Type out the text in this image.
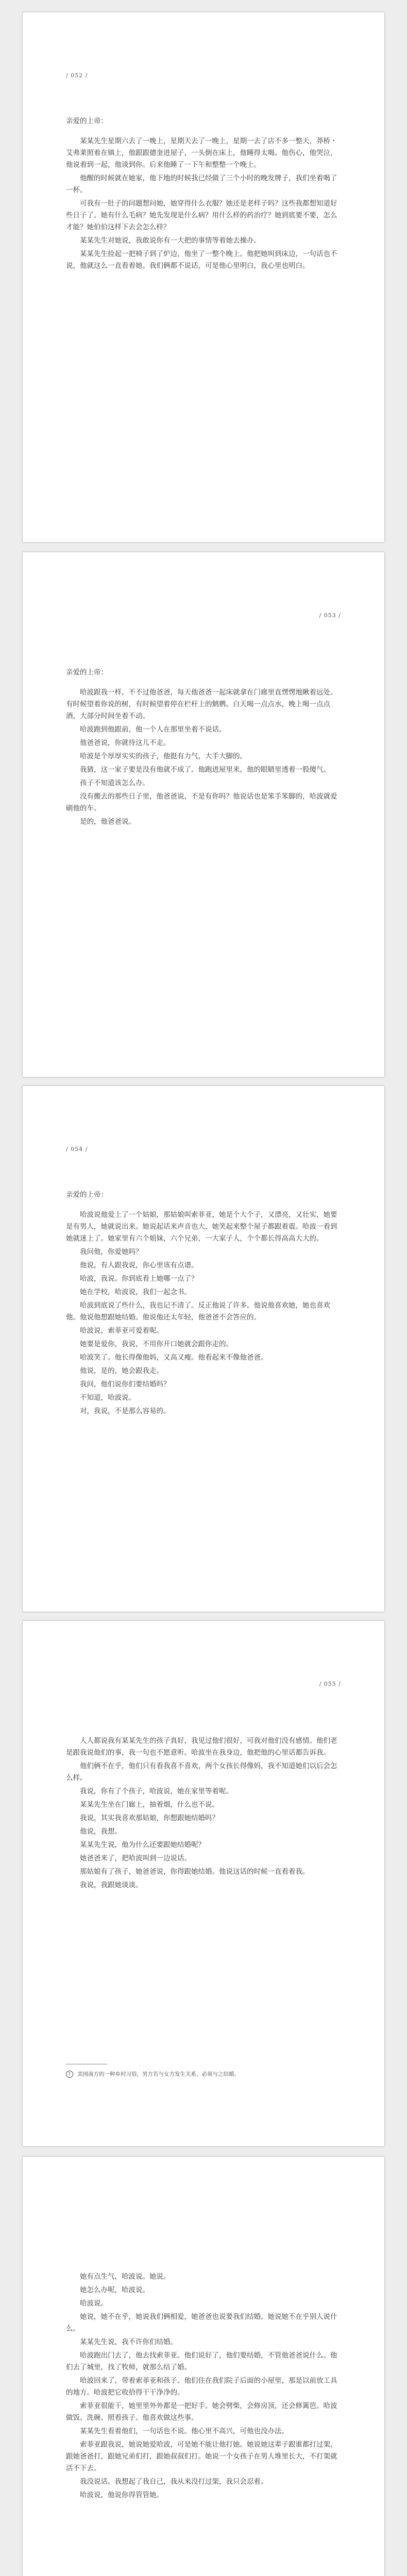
/ 052 /

亲爱的上帝：

某某先生星期六去了一晚上，星期天去了一晚上，星期一去了店不多一整天，莽桥・艾弗莱照着在镇上，他跟跟德奎进屋子，一头倒在床上，他睡得太喝。他伤心，他哭泣，他说着到一起，他谈到你。后来他睡了一下午和整整一个晚上。

他醒的时候就在她家，他下地的时候我已经做了三个小时的晚发牌子，我们坐着喝了一杯。

可我有一肚子的问题想问她，她穿得什么衣服？她还是老样子吗？这些我都想知道好些日子了。她有什么毛病？她先发现是什么病？用什么样的药治疗？她到底要不要，怎么才能？她伯伯这样下去会怎么样？

某某先生对她说，我敢说你有一大把的事情等着她去操办。

某某先生捡起一把椅子到了炉边，他坐了一整个晚上。他把她叫到床边，一句话也不说，他就这么一直看着她。我们俩都不说话，可是他心里明白，我心里也明白。

/ 053 /

亲爱的上帝：

哈波跟我一样，不不过他爸爸，每天他爸爸一起床就拿在门廊里直愣愣地瞅着远处。有时候望着你说的树，有时候望着停在栏杆上的鹪鹩。白天喝一点点水，晚上喝一点点酒，大部分时间坐着不动。

哈波跑到他跟前，他一个人在那里坐着不说话。

他爸爸说，你就待这儿不走。

哈波是个厚厚实实的孩子，他挺有力气，大手大脚的。

我猜，这一家子要是没有他就不成了。他跑进屋里来，他的眼睛里透着一股傻气。

孩子不知道该怎么办。

没有搬去的那些日子里，他爸爸说，不是有你吗？他说话也是笨手笨脚的，哈波就爱刷他的车。

是的，他爸爸说。

/ 054 /

亲爱的上帝：

哈波说他爱上了一个姑娘，那姑娘叫索菲亚，她是个大个子，又漂亮，又壮实，她要是有男人，她就说出来。她说起话来声音也大，她笑起来整个屋子都跟着震。哈波一看到她就迷上了。她家里有六个姐妹，六个兄弟，一大家子人，个个都长得高高大大的。

我问他，你爱她吗？

他说，有人跟我说，你心里该有点谱。

哈波，我说。你到底看上她哪一点了？

她在学校，哈波说，我们一起念书。

哈波到底说了些什么，我也记不清了。反正他说了许多。他说他喜欢她，她也喜欢他。他说他想跟她结婚。他说他还太年轻，他爸爸不会答应的。

哈波说，索菲亚可爱着呢。

她要是爱你，我说，不用你开口她就会跟你走的。

哈波笑了。他长得像他妈，又高又瘦。他看起来不像他爸爸。

他说，是的，她会跟我走。

我问，他们说你们要结婚吗？

不知道，哈波说。

对，我说，不是那么容易的。

/ 055 /

人人都说我有某某先生的孩子真好，我见过他们很好，可我对他们没有感情。他们老是跟我说他们的事，我一句也不愿意听。哈波坐在我身边，他把他的心里话都告诉我。

他们俩不在乎，他们只有看我喜不喜欢，两个女孩长得像妈，我不知道她们以后会怎么样。

我说，你有了个孩子，哈波说，她在家里等着呢。

某某先生坐在门廊上，抽着烟，什么也不说。

我说，其实我喜欢那姑娘，你想跟她结婚吗？

他说，我想。

某某先生说，他为什么还要跟她结婚呢？

她爸爸来了，把哈波叫到一边说话。

那姑娘有了孩子，她爸爸说，你得跟她结婚。他说这话的时候一直看着我。

我说，我跟她谈谈。

1 美国南方的一种乡村习俗，男方若与女方发生关系，必须与之结婚。

她有点生气，哈波说。她说。

她怎么办呢，哈波说。

哈波说。

她说，她不在乎，她说我们俩相爱，她爸爸也说要我们结婚。她说她不在乎别人说什么。

某某先生说，我不许你们结婚。

哈波跑出门去了，他去找索菲亚。他们说好了，他们要结婚，不管他爸爸说什么。他们去了城里，找了牧师，就那么结了婚。

哈波回来了，带着索菲亚和孩子。他们住在我们院子后面的小屋里，那是以前放工具的地方。哈波把它收拾得干干净净的。

索菲亚很能干，她里里外外都是一把好手。她会劈柴，会修房顶，还会修篱笆。哈波做饭、洗碗、照看孩子。他喜欢做这些事。

某某先生看着他们，一句话也不说。他心里不高兴，可他也没办法。

索菲亚跟我说，她说她爱哈波，可是她不能让他打她。她说她这辈子跟谁都打过架，跟她爸爸打，跟她兄弟们打，跟她叔叔们打。她说一个女孩子在男人堆里长大，不打架就活不下去。

我没说话。我想起了我自己，我从来没打过架，我只会忍着。

哈波说，他说你得管管她。
